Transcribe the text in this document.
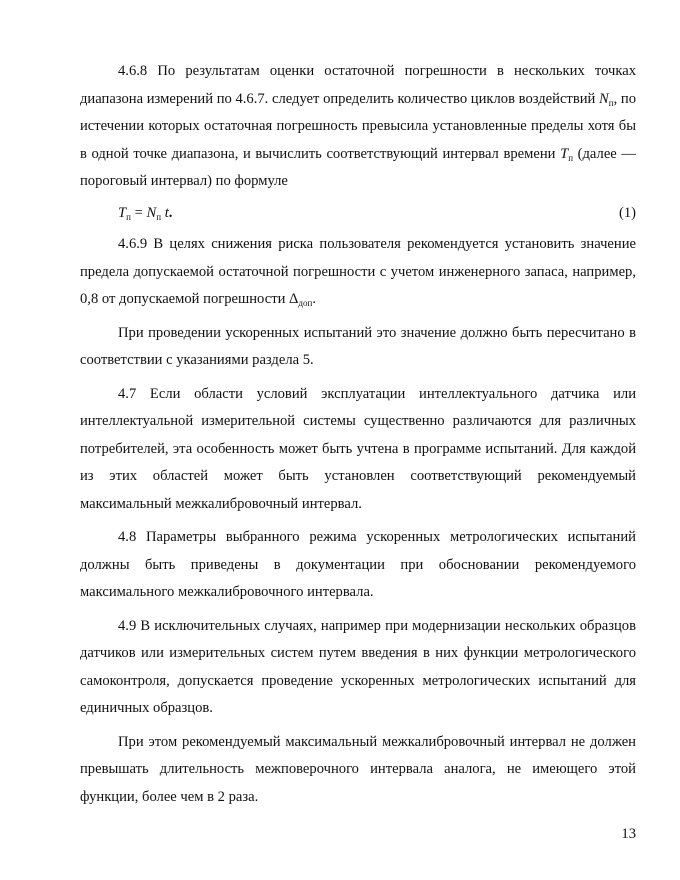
4.6.8 По результатам оценки остаточной погрешности в нескольких точках диапазона измерений по 4.6.7. следует определить количество циклов воздействий $N_п$, по истечении которых остаточная погрешность превысила установленные пределы хотя бы в одной точке диапазона, и вычислить соответствующий интервал времени $T_п$ (далее — пороговый интервал) по формуле

$T_п = N_п$ t.	(1)

4.6.9 В целях снижения риска пользователя рекомендуется установить значение предела допускаемой остаточной погрешности с учетом инженерного запаса, например, 0,8 от допускаемой погрешности $\Delta_{доп}$.

При проведении ускоренных испытаний это значение должно быть пересчитано в соответствии с указаниями раздела 5.

4.7 Если области условий эксплуатации интеллектуального датчика или интеллектуальной измерительной системы существенно различаются для различных потребителей, эта особенность может быть учтена в программе испытаний. Для каждой из этих областей может быть установлен соответствующий рекомендуемый максимальный межкалибровочный интервал.

4.8 Параметры выбранного режима ускоренных метрологических испытаний должны быть приведены в документации при обосновании рекомендуемого максимального межкалибровочного интервала.

4.9 В исключительных случаях, например при модернизации нескольких образцов датчиков или измерительных систем путем введения в них функции метрологического самоконтроля, допускается проведение ускоренных метрологических испытаний для единичных образцов.

При этом рекомендуемый максимальный межкалибровочный интервал не должен превышать длительность межповерочного интервала аналога, не имеющего этой функции, более чем в 2 раза.

13
